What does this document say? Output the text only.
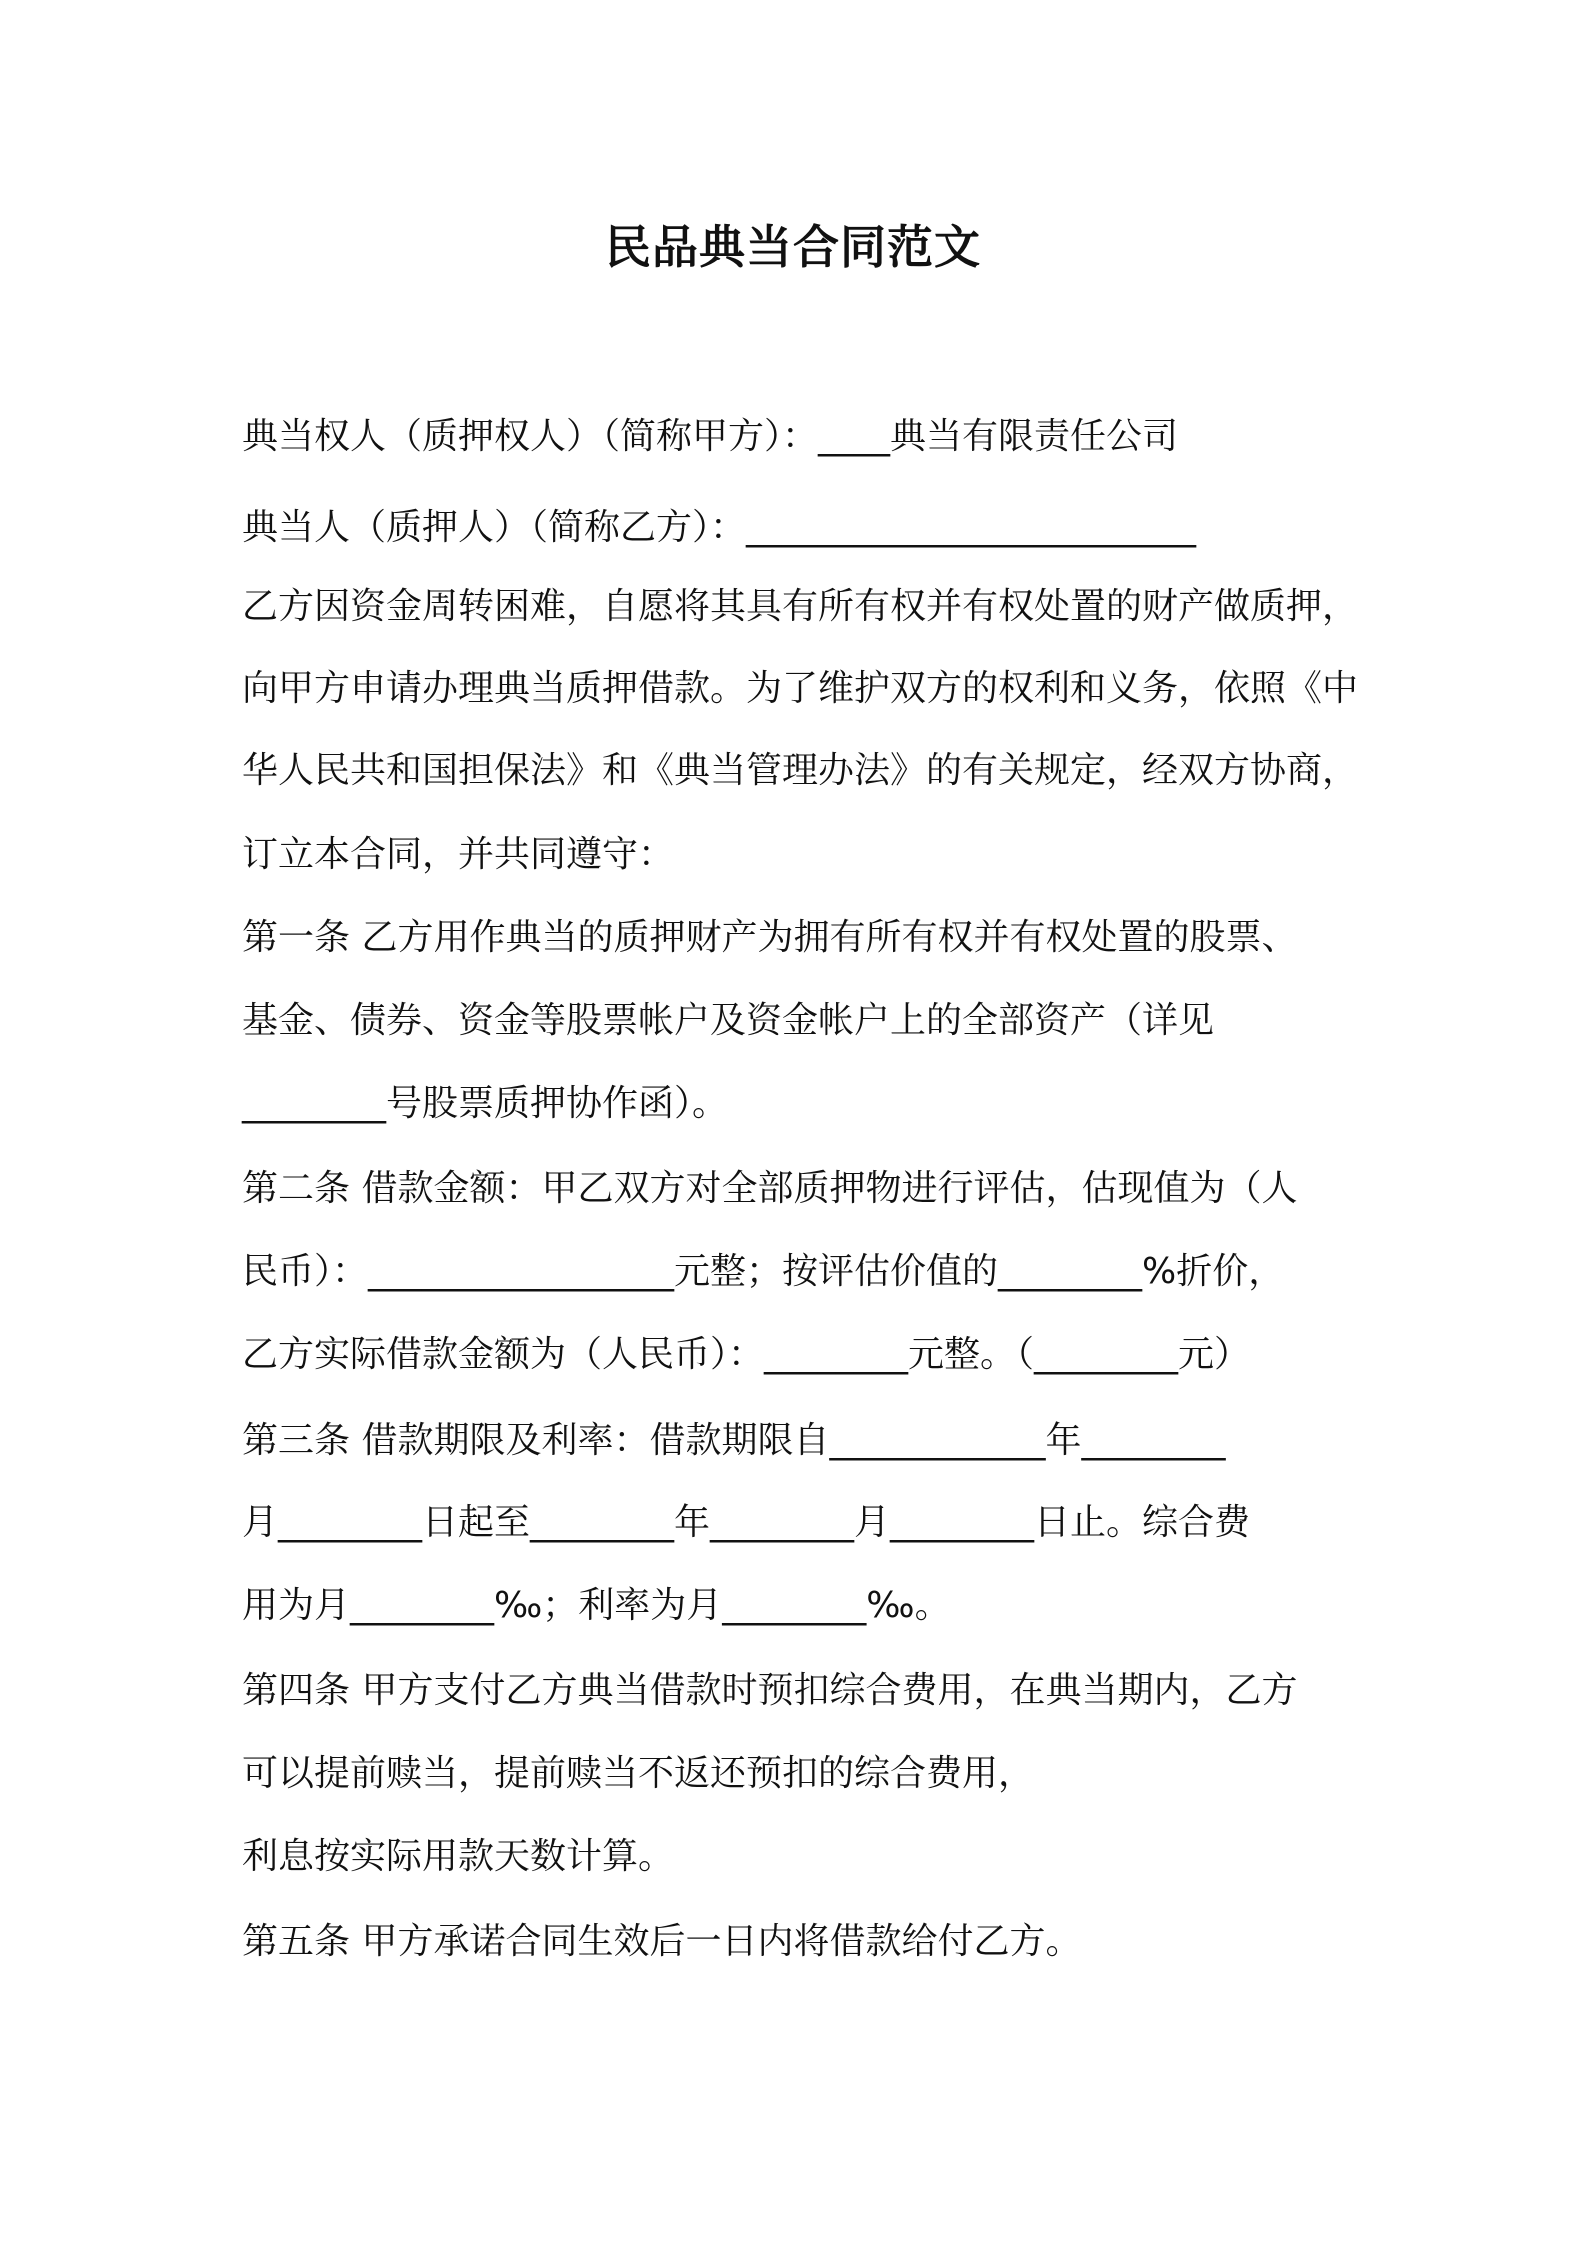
民品典当合同范文
典当权人（质押权人）（简称甲方）：____典当有限责任公司
典当人（质押人）（简称乙方）：_________________________
乙方因资金周转困难，自愿将其具有所有权并有权处置的财产做质押，
向甲方申请办理典当质押借款。为了维护双方的权利和义务，依照《中
华人民共和国担保法》和《典当管理办法》的有关规定，经双方协商，
订立本合同，并共同遵守：
第一条 乙方用作典当的质押财产为拥有所有权并有权处置的股票、
基金、债券、资金等股票帐户及资金帐户上的全部资产（详见
________号股票质押协作函）。
第二条 借款金额：甲乙双方对全部质押物进行评估，估现值为（人
民币）：_________________元整；按评估价值的________%折价，
乙方实际借款金额为（人民币）：________元整。（________元）
第三条 借款期限及利率：借款期限自____________年________
月________日起至________年________月________日止。综合费
用为月________‰；利率为月________‰。
第四条 甲方支付乙方典当借款时预扣综合费用，在典当期内，乙方
可以提前赎当，提前赎当不返还预扣的综合费用，
利息按实际用款天数计算。
第五条 甲方承诺合同生效后一日内将借款给付乙方。
